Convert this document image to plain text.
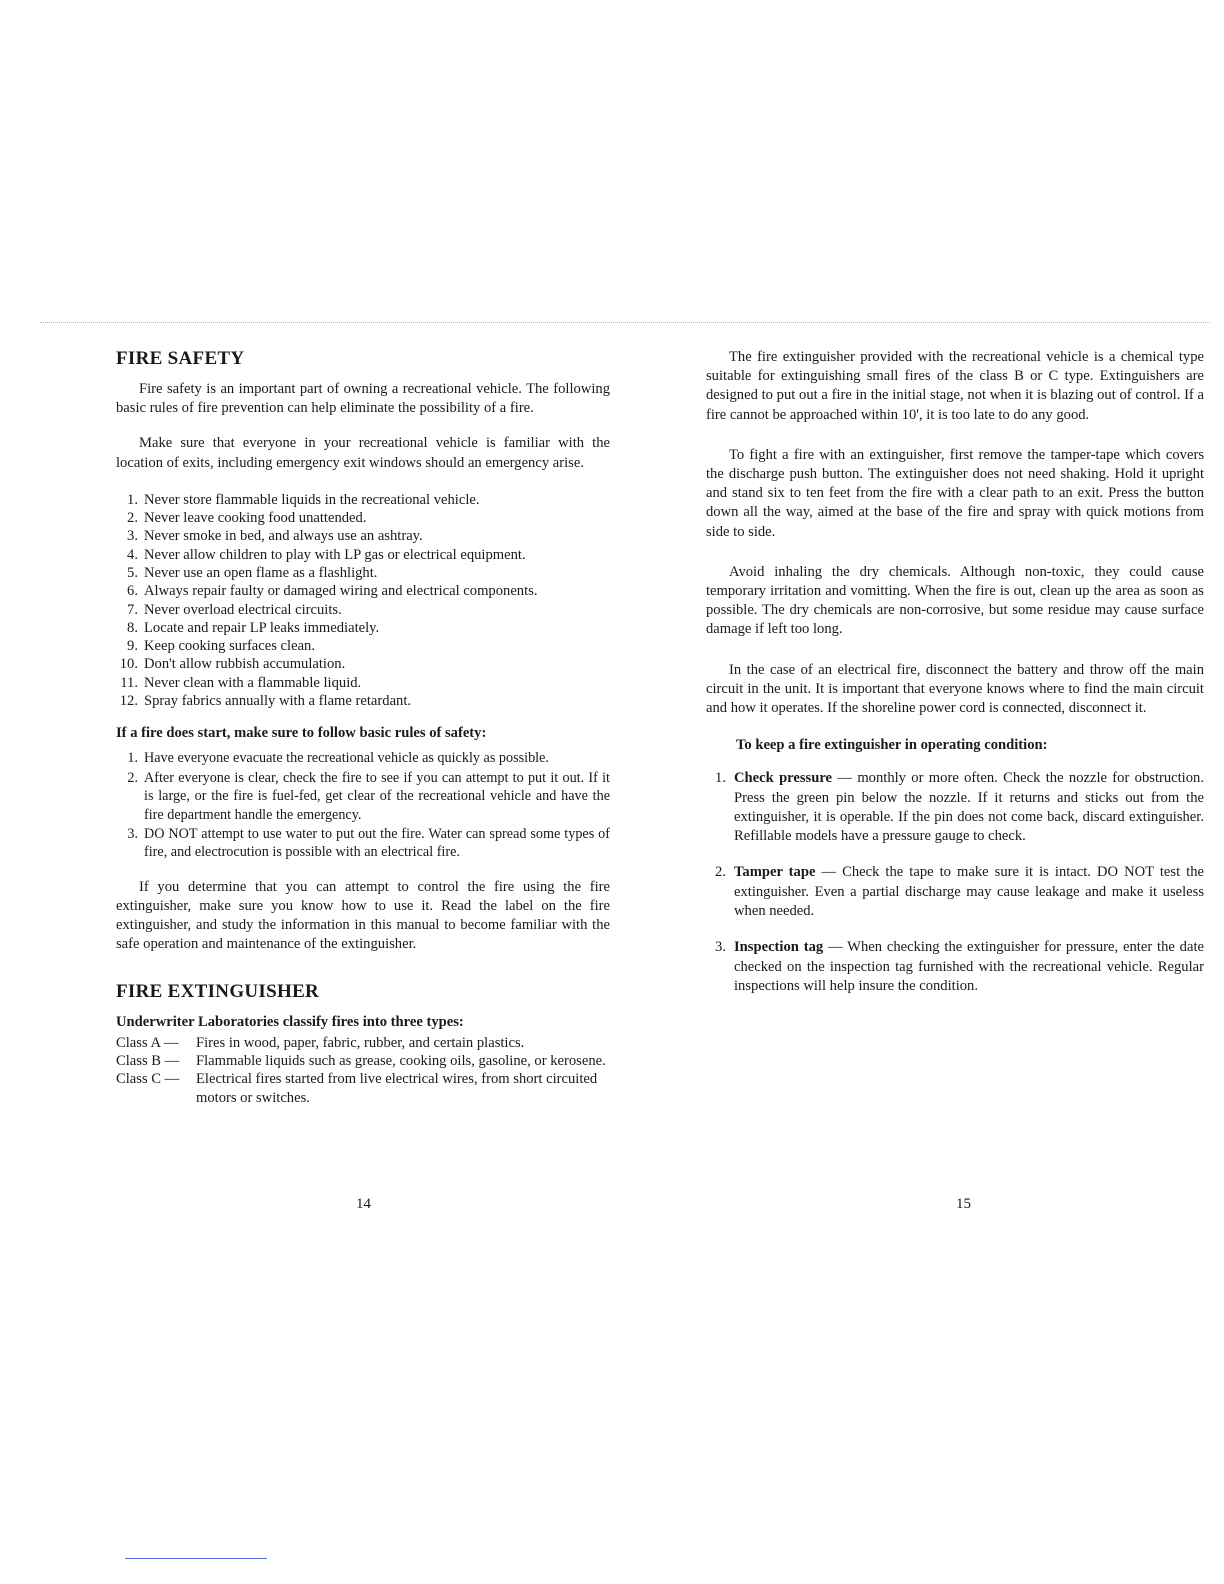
FIRE SAFETY

Fire safety is an important part of owning a recreational vehicle. The following basic rules of fire prevention can help eliminate the possibility of a fire.

Make sure that everyone in your recreational vehicle is familiar with the location of exits, including emergency exit windows should an emergency arise.

1. Never store flammable liquids in the recreational vehicle.
2. Never leave cooking food unattended.
3. Never smoke in bed, and always use an ashtray.
4. Never allow children to play with LP gas or electrical equipment.
5. Never use an open flame as a flashlight.
6. Always repair faulty or damaged wiring and electrical components.
7. Never overload electrical circuits.
8. Locate and repair LP leaks immediately.
9. Keep cooking surfaces clean.
10. Don't allow rubbish accumulation.
11. Never clean with a flammable liquid.
12. Spray fabrics annually with a flame retardant.

If a fire does start, make sure to follow basic rules of safety:

1. Have everyone evacuate the recreational vehicle as quickly as possible.
2. After everyone is clear, check the fire to see if you can attempt to put it out. If it is large, or the fire is fuel-fed, get clear of the recreational vehicle and have the fire department handle the emergency.
3. DO NOT attempt to use water to put out the fire. Water can spread some types of fire, and electrocution is possible with an electrical fire.

If you determine that you can attempt to control the fire using the fire extinguisher, make sure you know how to use it. Read the label on the fire extinguisher, and study the information in this manual to become familiar with the safe operation and maintenance of the extinguisher.

FIRE EXTINGUISHER

Underwriter Laboratories classify fires into three types:

Class A — Fires in wood, paper, fabric, rubber, and certain plastics.
Class B — Flammable liquids such as grease, cooking oils, gasoline, or kerosene.
Class C — Electrical fires started from live electrical wires, from short circuited motors or switches.
14

The fire extinguisher provided with the recreational vehicle is a chemical type suitable for extinguishing small fires of the class B or C type. Extinguishers are designed to put out a fire in the initial stage, not when it is blazing out of control. If a fire cannot be approached within 10', it is too late to do any good.

To fight a fire with an extinguisher, first remove the tamper-tape which covers the discharge push button. The extinguisher does not need shaking. Hold it upright and stand six to ten feet from the fire with a clear path to an exit. Press the button down all the way, aimed at the base of the fire and spray with quick motions from side to side.

Avoid inhaling the dry chemicals. Although non-toxic, they could cause temporary irritation and vomitting. When the fire is out, clean up the area as soon as possible. The dry chemicals are non-corrosive, but some residue may cause surface damage if left too long.

In the case of an electrical fire, disconnect the battery and throw off the main circuit in the unit. It is important that everyone knows where to find the main circuit and how it operates. If the shoreline power cord is connected, disconnect it.

To keep a fire extinguisher in operating condition:

1. Check pressure — monthly or more often. Check the nozzle for obstruction. Press the green pin below the nozzle. If it returns and sticks out from the extinguisher, it is operable. If the pin does not come back, discard extinguisher. Refillable models have a pressure gauge to check.
2. Tamper tape — Check the tape to make sure it is intact. DO NOT test the extinguisher. Even a partial discharge may cause leakage and make it useless when needed.
3. Inspection tag — When checking the extinguisher for pressure, enter the date checked on the inspection tag furnished with the recreational vehicle. Regular inspections will help insure the condition.
15
